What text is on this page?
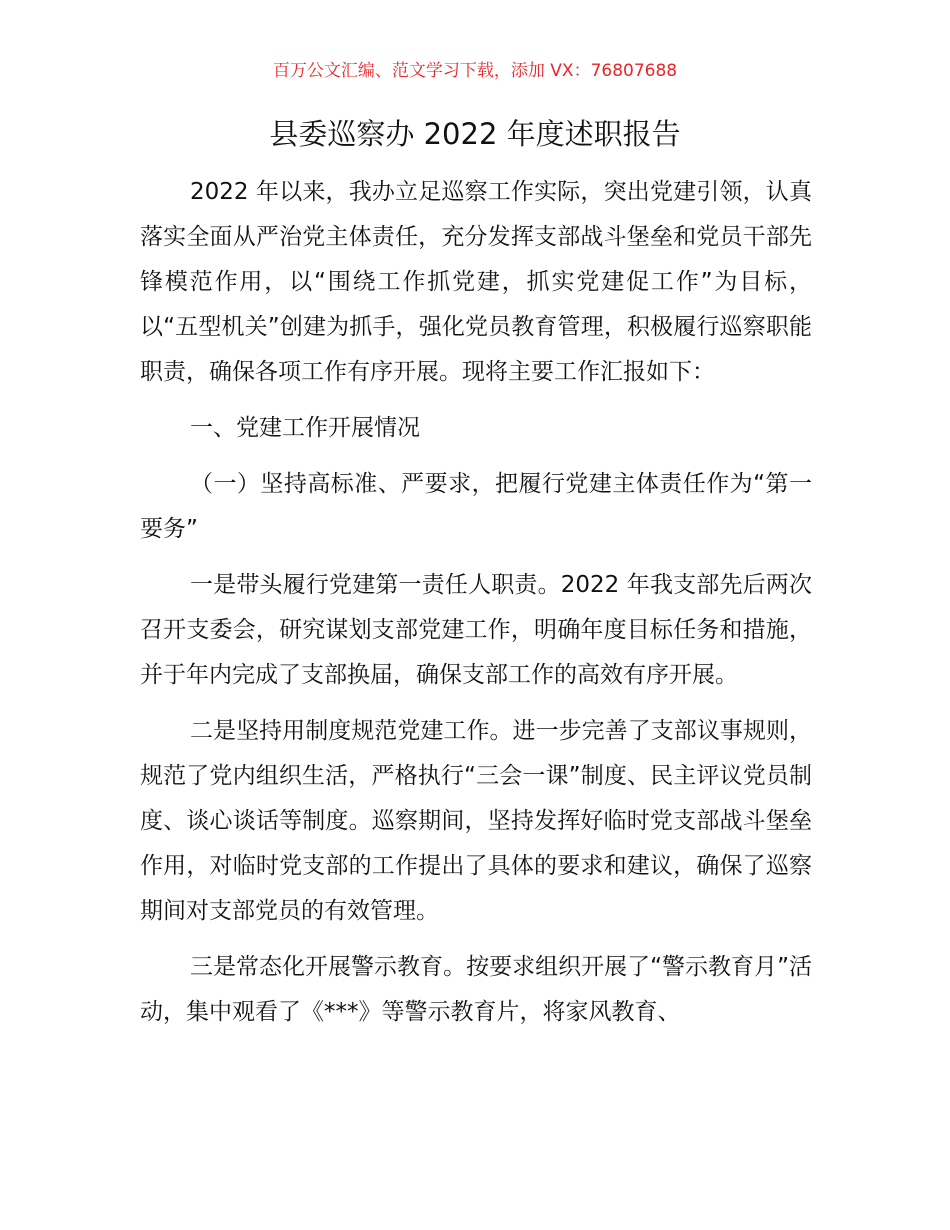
百万公文汇编、范文学习下载，添加 VX：76807688
县委巡察办 2022 年度述职报告

2022 年以来，我办立足巡察工作实际，突出党建引领，认真落实全面从严治党主体责任，充分发挥支部战斗堡垒和党员干部先锋模范作用，以“围绕工作抓党建，抓实党建促工作”为目标，以“五型机关”创建为抓手，强化党员教育管理，积极履行巡察职能职责，确保各项工作有序开展。现将主要工作汇报如下：

一、党建工作开展情况

（一）坚持高标准、严要求，把履行党建主体责任作为“第一要务”

一是带头履行党建第一责任人职责。2022 年我支部先后两次召开支委会，研究谋划支部党建工作，明确年度目标任务和措施，并于年内完成了支部换届，确保支部工作的高效有序开展。

二是坚持用制度规范党建工作。进一步完善了支部议事规则，规范了党内组织生活，严格执行“三会一课”制度、民主评议党员制度、谈心谈话等制度。巡察期间，坚持发挥好临时党支部战斗堡垒作用，对临时党支部的工作提出了具体的要求和建议，确保了巡察期间对支部党员的有效管理。

三是常态化开展警示教育。按要求组织开展了“警示教育月”活动，集中观看了《***》等警示教育片，将家风教育、
